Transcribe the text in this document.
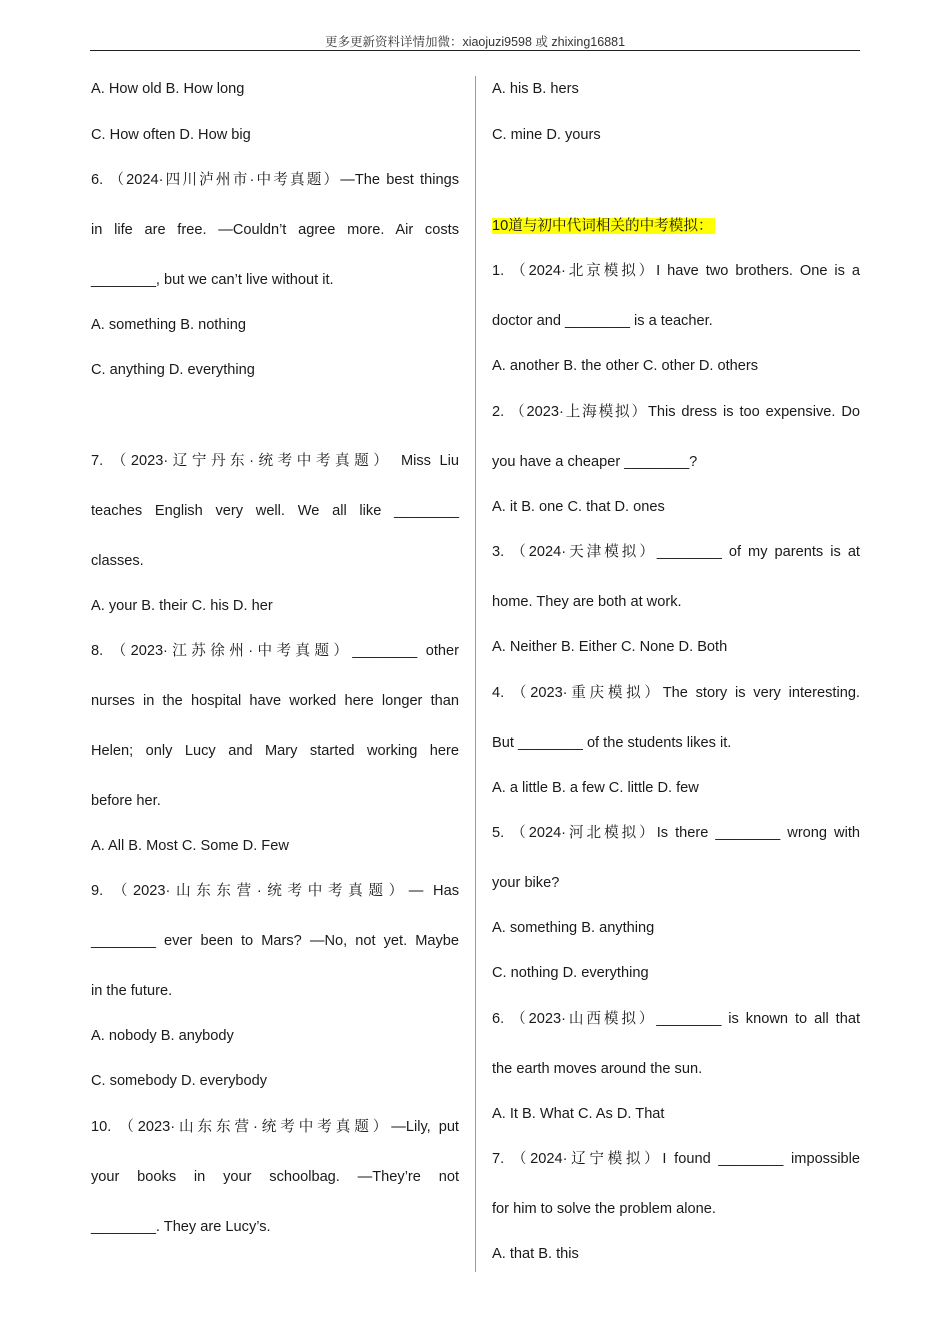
更多更新资料详情加微：xiaojuzi9598 或 zhixing16881
A. How old B. How long
C. How often D. How big
6. （2024·四川泸州市·中考真题）—The best things
in life are free. —Couldn’t agree more. Air costs
________, but we can’t live without it.
A. something B. nothing
C. anything D. everything
7. （2023·辽宁丹东·统考中考真题） Miss Liu
teaches English very well. We all like ________
classes.
A. your B. their C. his D. her
8. （2023·江苏徐州·中考真题）________ other
nurses in the hospital have worked here longer than
Helen; only Lucy and Mary started working here
before her.
A. All B. Most C. Some D. Few
9. （2023·山东东营·统考中考真题）— Has
________ ever been to Mars? —No, not yet. Maybe
in the future.
A. nobody B. anybody
C. somebody D. everybody
10. （2023·山东东营·统考中考真题）—Lily, put
your books in your schoolbag. —They’re not
________. They are Lucy’s.
A. his B. hers
C. mine D. yours
10道与初中代词相关的中考模拟：
1. （2024·北京模拟）I have two brothers. One is a
doctor and ________ is a teacher.
A. another B. the other C. other D. others
2. （2023·上海模拟）This dress is too expensive. Do
you have a cheaper ________?
A. it B. one C. that D. ones
3. （2024·天津模拟）________ of my parents is at
home. They are both at work.
A. Neither B. Either C. None D. Both
4. （2023·重庆模拟）The story is very interesting.
But ________ of the students likes it.
A. a little B. a few C. little D. few
5. （2024·河北模拟）Is there ________ wrong with
your bike?
A. something B. anything
C. nothing D. everything
6. （2023·山西模拟）________ is known to all that
the earth moves around the sun.
A. It B. What C. As D. That
7. （2024·辽宁模拟）I found ________ impossible
for him to solve the problem alone.
A. that B. this
